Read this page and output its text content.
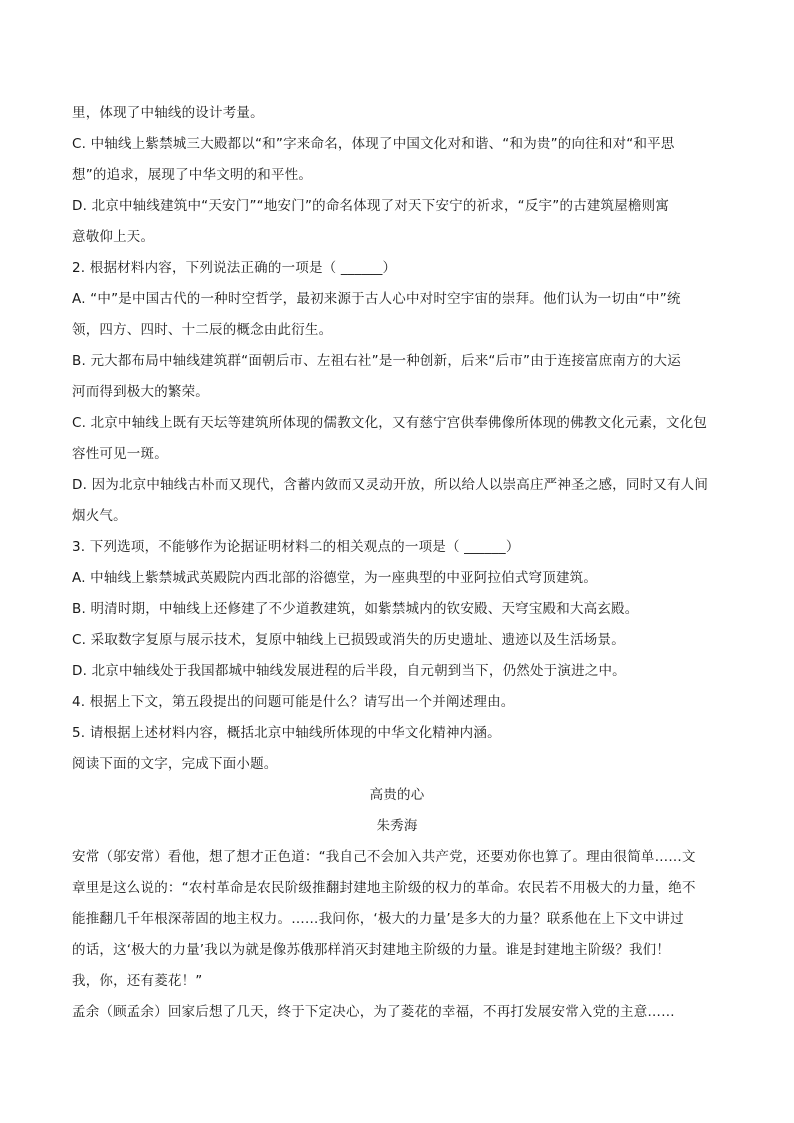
里，体现了中轴线的设计考量。
C. 中轴线上紫禁城三大殿都以“和”字来命名，体现了中国文化对和谐、“和为贵”的向往和对“和平思
想”的追求，展现了中华文明的和平性。
D. 北京中轴线建筑中“天安门”“地安门”的命名体现了对天下安宁的祈求，“反宇”的古建筑屋檐则寓
意敬仰上天。
2. 根据材料内容，下列说法正确的一项是（ ______）
A. “中”是中国古代的一种时空哲学，最初来源于古人心中对时空宇宙的崇拜。他们认为一切由“中”统
领，四方、四时、十二辰的概念由此衍生。
B. 元大都布局中轴线建筑群“面朝后市、左祖右社”是一种创新，后来“后市”由于连接富庶南方的大运
河而得到极大的繁荣。
C. 北京中轴线上既有天坛等建筑所体现的儒教文化，又有慈宁宫供奉佛像所体现的佛教文化元素，文化包
容性可见一斑。
D. 因为北京中轴线古朴而又现代，含蓄内敛而又灵动开放，所以给人以崇高庄严神圣之感，同时又有人间
烟火气。
3. 下列选项，不能够作为论据证明材料二的相关观点的一项是（ ______）
A. 中轴线上紫禁城武英殿院内西北部的浴德堂，为一座典型的中亚阿拉伯式穹顶建筑。
B. 明清时期，中轴线上还修建了不少道教建筑，如紫禁城内的钦安殿、天穹宝殿和大高玄殿。
C. 采取数字复原与展示技术，复原中轴线上已损毁或消失的历史遗址、遗迹以及生活场景。
D. 北京中轴线处于我国都城中轴线发展进程的后半段，自元朝到当下，仍然处于演进之中。
4. 根据上下文，第五段提出的问题可能是什么？请写出一个并阐述理由。
5. 请根据上述材料内容，概括北京中轴线所体现的中华文化精神内涵。
阅读下面的文字，完成下面小题。
高贵的心
朱秀海
安常（邬安常）看他，想了想才正色道：“我自己不会加入共产党，还要劝你也算了。理由很简单……文
章里是这么说的：“农村革命是农民阶级推翻封建地主阶级的权力的革命。农民若不用极大的力量，绝不
能推翻几千年根深蒂固的地主权力。……我问你，‘极大的力量’是多大的力量？联系他在上下文中讲过
的话，这‘极大的力量’我以为就是像苏俄那样消灭封建地主阶级的力量。谁是封建地主阶级？我们！
我，你，还有菱花！”
孟余（顾孟余）回家后想了几天，终于下定决心，为了菱花的幸福，不再打发展安常入党的主意……
